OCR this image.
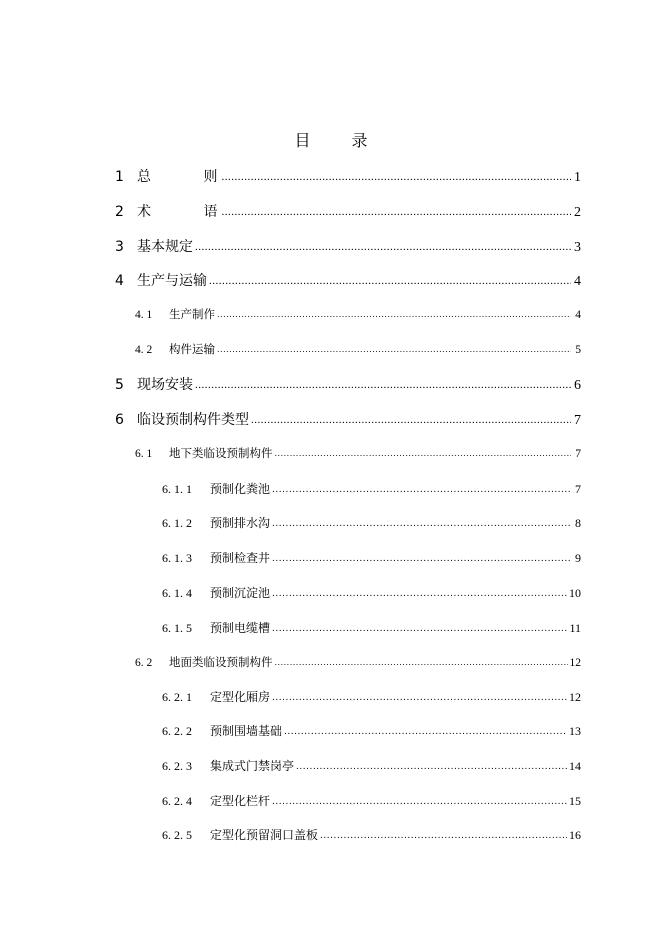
目 录
1 总 则 .....	1
2 术 语 .....	2
3 基本规定 .....	3
4 生产与运输 .....	4
4. 1	生产制作 .....	4
4. 2	构件运输 .....	5
5 现场安装 .....	6
6 临设预制构件类型 .....	7
6. 1	地下类临设预制构件 .....	7
6. 1. 1	预制化粪池 .....	7
6. 1. 2	预制排水沟 .....	8
6. 1. 3	预制检查井 .....	9
6. 1. 4	预制沉淀池 .....	10
6. 1. 5	预制电缆槽 .....	11
6. 2	地面类临设预制构件 .....	12
6. 2. 1	定型化厢房 .....	12
6. 2. 2	预制围墙基础 .....	13
6. 2. 3	集成式门禁岗亭 .....	14
6. 2. 4	定型化栏杆 .....	15
6. 2. 5	定型化预留洞口盖板 .....	16
